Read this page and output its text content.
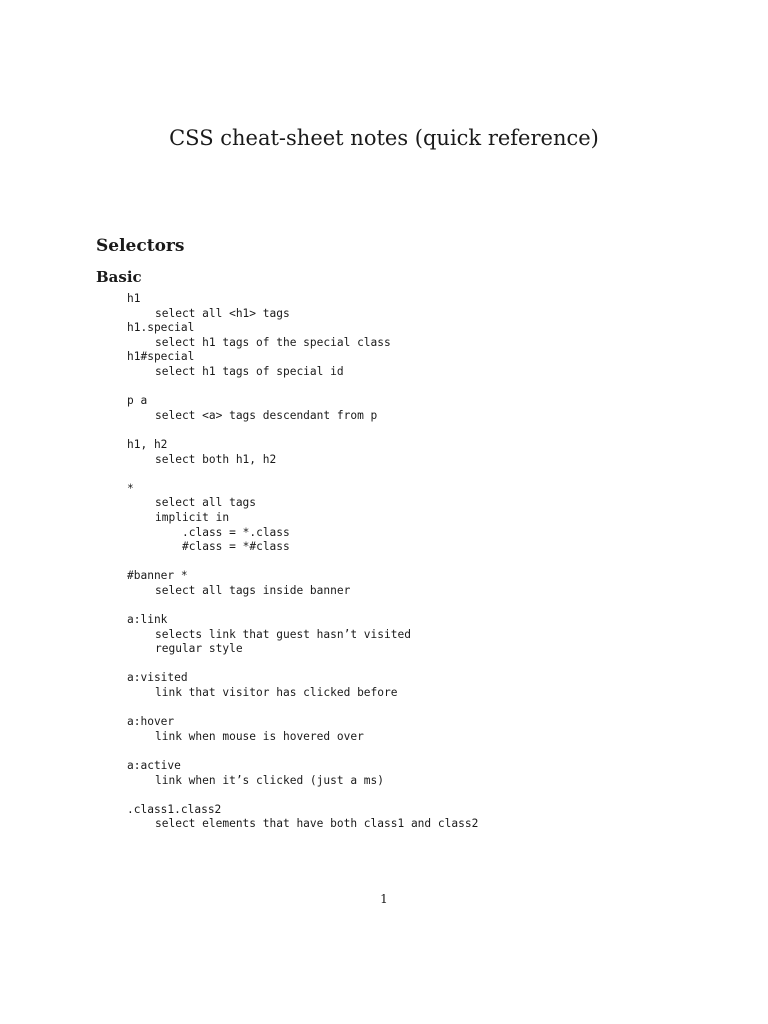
CSS cheat-sheet notes (quick reference)
Selectors
Basic
h1
select all <h1> tags
h1.special
select h1 tags of the special class
h1#special
select h1 tags of special id
p a
select <a> tags descendant from p
h1, h2
select both h1, h2
*
select all tags
implicit in
.class = *.class
#class = *#class
#banner *
select all tags inside banner
a:link
selects link that guest hasn’t visited
regular style
a:visited
link that visitor has clicked before
a:hover
link when mouse is hovered over
a:active
link when it’s clicked (just a ms)
.class1.class2
select elements that have both class1 and class2
1
